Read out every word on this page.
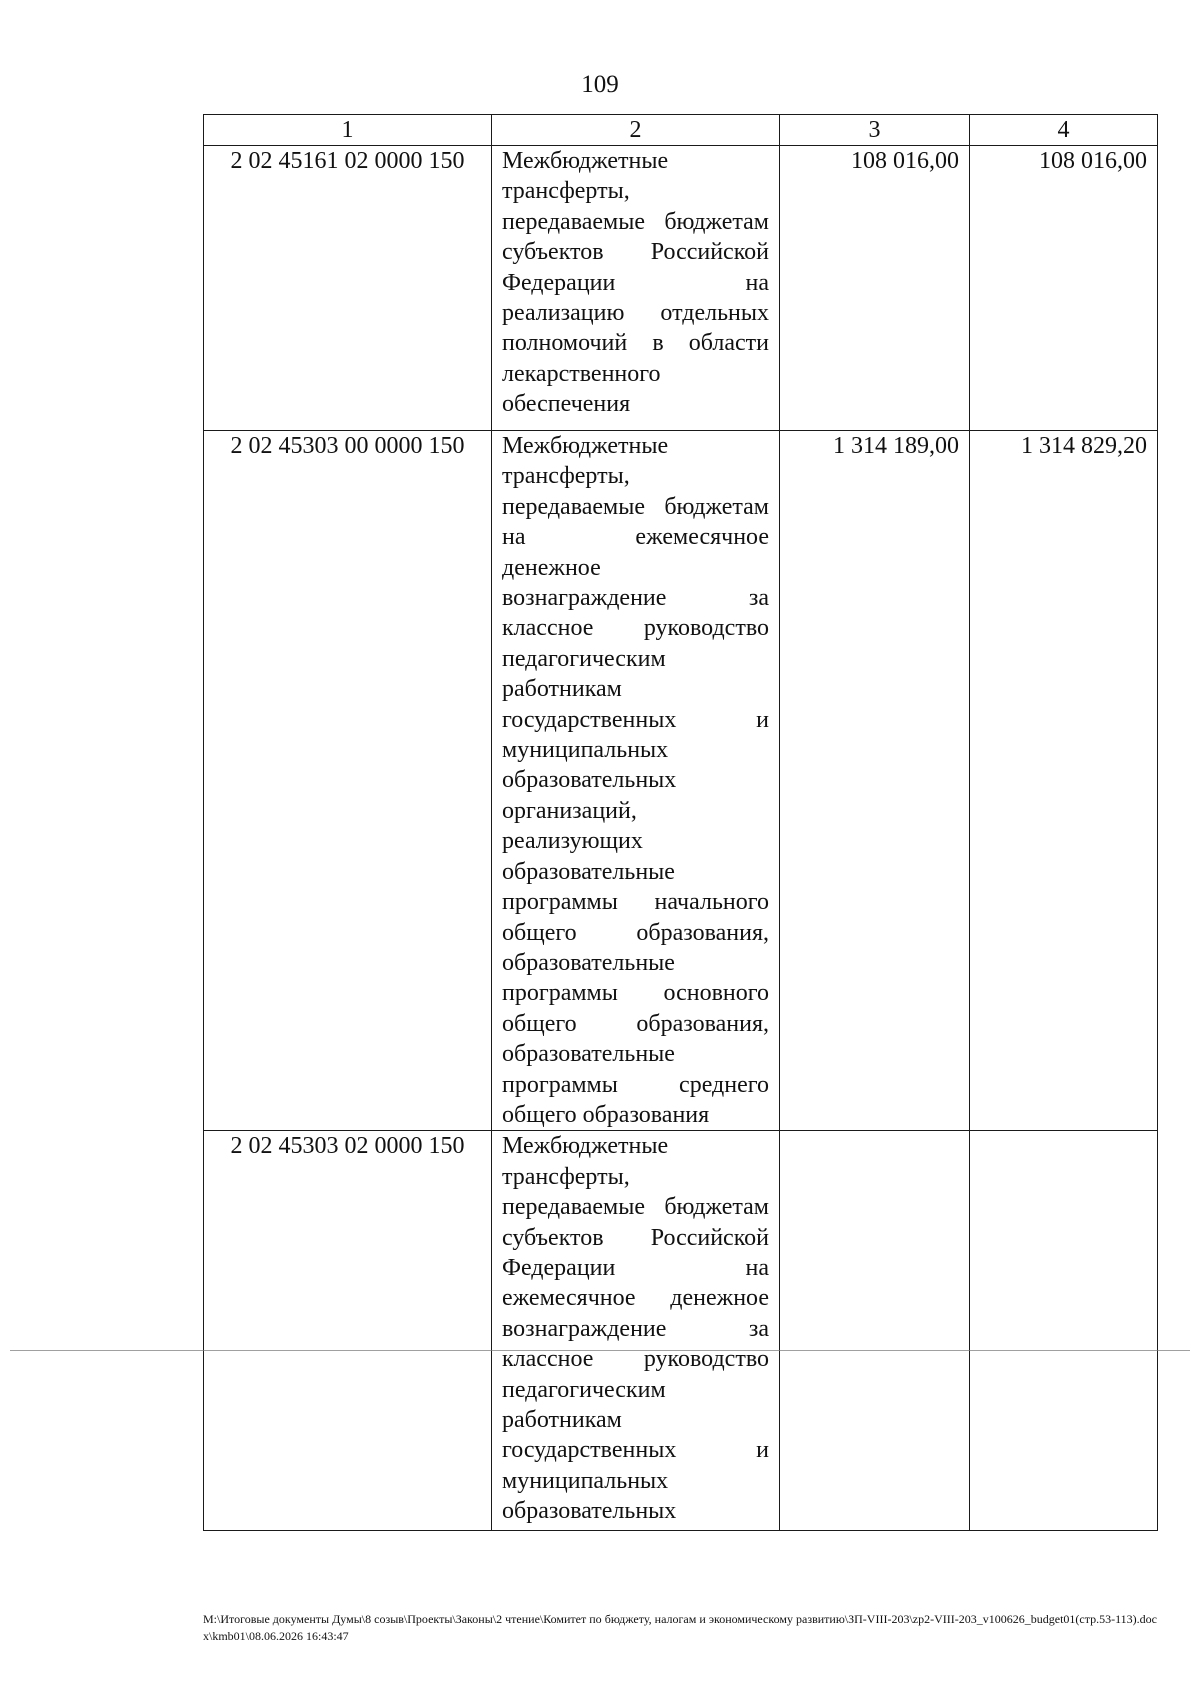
109
1	2	3	4
2 02 45161 02 0000 150	Межбюджетные трансферты, передаваемые бюджетам субъектов Российской Федерации на реализацию отдельных полномочий в области лекарственного обеспечения	108 016,00	108 016,00
2 02 45303 00 0000 150	Межбюджетные трансферты, передаваемые бюджетам на ежемесячное денежное вознаграждение за классное руководство педагогическим работникам государственных и муниципальных образовательных организаций, реализующих образовательные программы начального общего образования, образовательные программы основного общего образования, образовательные программы среднего общего образования	1 314 189,00	1 314 829,20
2 02 45303 02 0000 150	Межбюджетные трансферты, передаваемые бюджетам субъектов Российской Федерации на ежемесячное денежное вознаграждение за классное руководство педагогическим работникам государственных и муниципальных образовательных		
M:\Итоговые документы Думы\8 созыв\Проекты\Законы\2 чтение\Комитет по бюджету, налогам и экономическому развитию\ЗП-VIII-203\zp2-VIII-203_v100626_budget01(стр.53-113).docx\kmb01\08.06.2026 16:43:47
